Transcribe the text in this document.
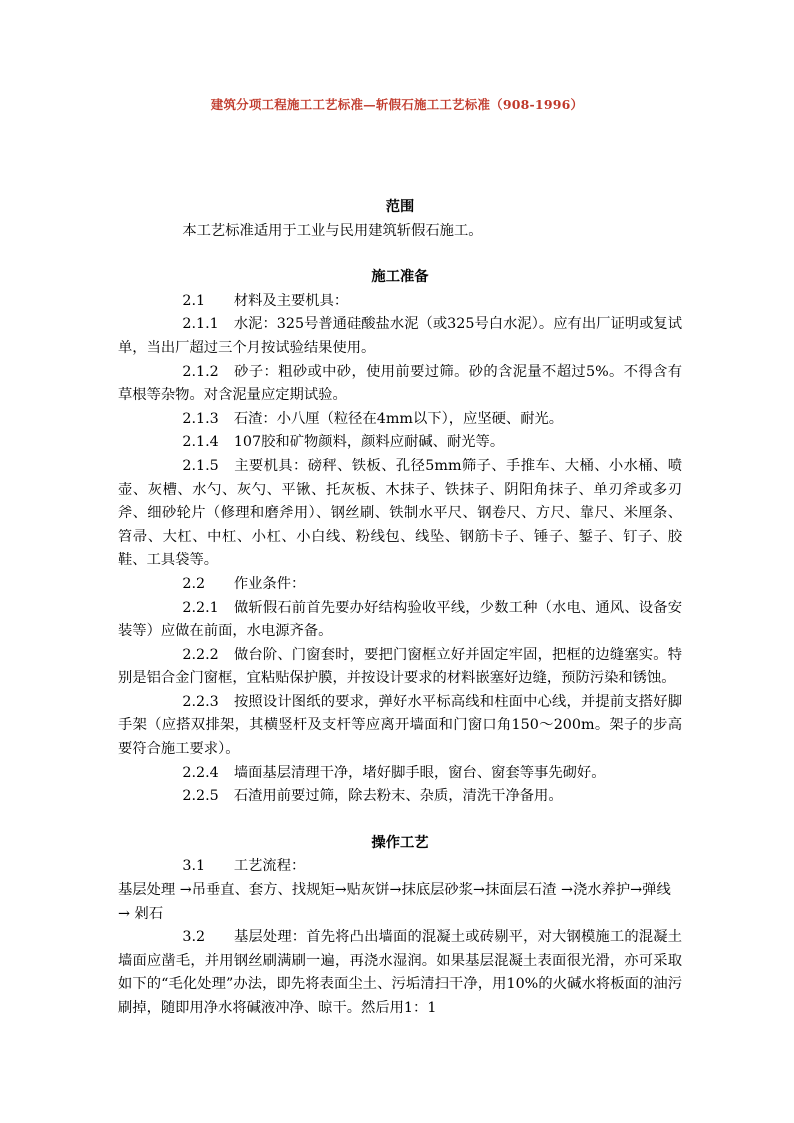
建筑分项工程施工工艺标准—斩假石施工工艺标准（908-1996）
范围

本工艺标准适用于工业与民用建筑斩假石施工。

施工准备

2.1 材料及主要机具：

2.1.1 水泥：325号普通硅酸盐水泥（或325号白水泥）。应有出厂证明或复试单，当出厂超过三个月按试验结果使用。

2.1.2 砂子：粗砂或中砂，使用前要过筛。砂的含泥量不超过5%。不得含有草根等杂物。对含泥量应定期试验。

2.1.3 石渣：小八厘（粒径在4mm以下），应坚硬、耐光。

2.1.4 107胶和矿物颜料，颜料应耐碱、耐光等。

2.1.5 主要机具：磅秤、铁板、孔径5mm筛子、手推车、大桶、小水桶、喷壶、灰槽、水勺、灰勺、平锹、托灰板、木抹子、铁抹子、阴阳角抹子、单刃斧或多刃斧、细砂轮片（修理和磨斧用）、钢丝刷、铁制水平尺、钢卷尺、方尺、靠尺、米厘条、笤帚、大杠、中杠、小杠、小白线、粉线包、线坠、钢筋卡子、锤子、錾子、钉子、胶鞋、工具袋等。

2.2 作业条件：

2.2.1 做斩假石前首先要办好结构验收平线，少数工种（水电、通风、设备安装等）应做在前面，水电源齐备。

2.2.2 做台阶、门窗套时，要把门窗框立好并固定牢固，把框的边缝塞实。特别是铝合金门窗框，宜粘贴保护膜，并按设计要求的材料嵌塞好边缝，预防污染和锈蚀。

2.2.3 按照设计图纸的要求，弹好水平标高线和柱面中心线，并提前支搭好脚手架（应搭双排架，其横竖杆及支杆等应离开墙面和门窗口角150～200m。架子的步高要符合施工要求）。

2.2.4 墙面基层清理干净，堵好脚手眼，窗台、窗套等事先砌好。

2.2.5 石渣用前要过筛，除去粉末、杂质，清洗干净备用。

操作工艺

3.1 工艺流程：

基层处理 →吊垂直、套方、找规矩→贴灰饼→抹底层砂浆→抹面层石渣 →浇水养护→弹线→ 剁石

3.2 基层处理：首先将凸出墙面的混凝土或砖剔平，对大钢模施工的混凝土墙面应凿毛，并用钢丝刷满刷一遍，再浇水湿润。如果基层混凝土表面很光滑，亦可采取如下的“毛化处理”办法，即先将表面尘土、污垢清扫干净，用10%的火碱水将板面的油污刷掉，随即用净水将碱液冲净、晾干。然后用1：1
